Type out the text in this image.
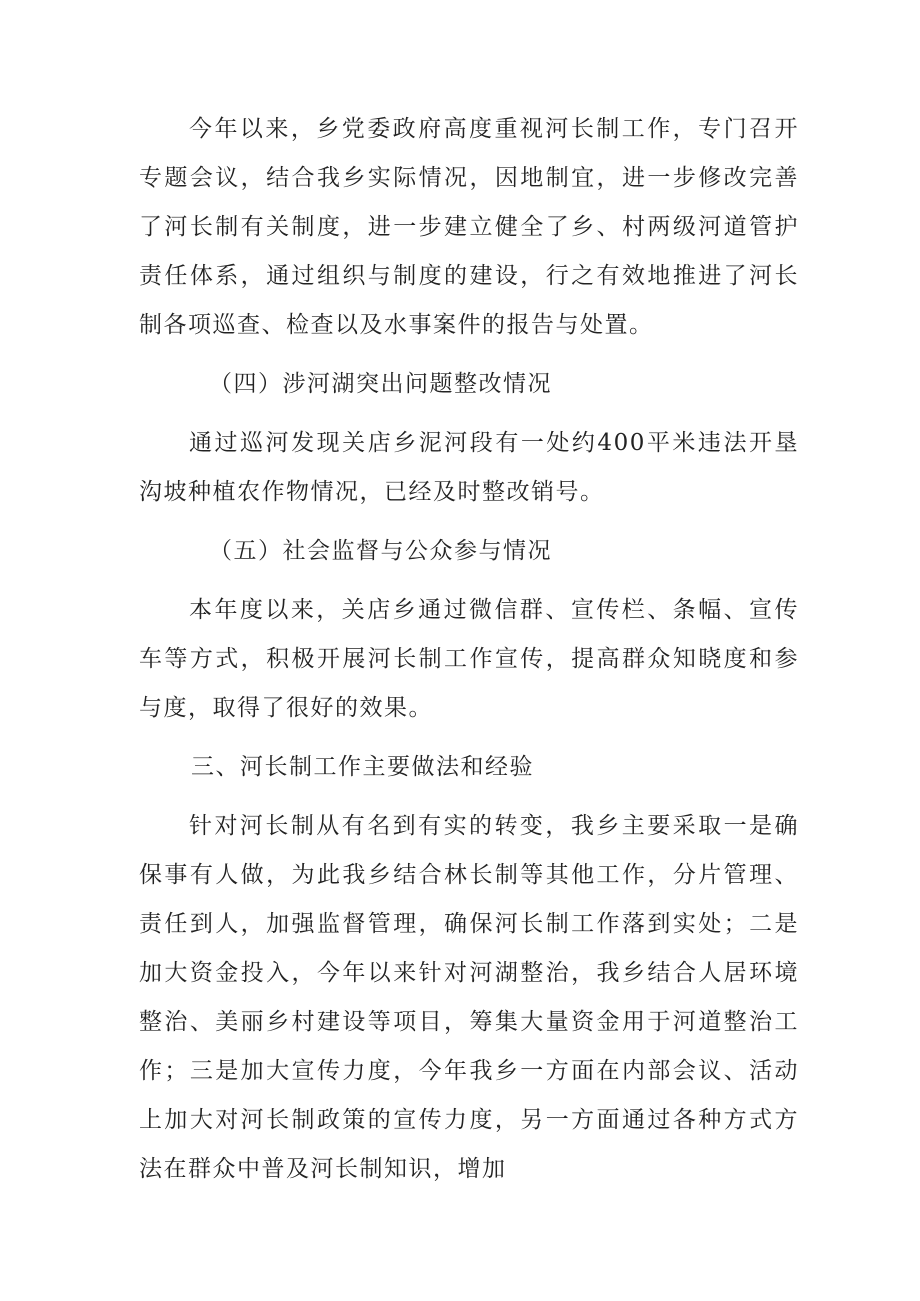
今年以来，乡党委政府高度重视河长制工作，专门召开专题会议，结合我乡实际情况，因地制宜，进一步修改完善了河长制有关制度，进一步建立健全了乡、村两级河道管护责任体系，通过组织与制度的建设，行之有效地推进了河长制各项巡查、检查以及水事案件的报告与处置。

（四）涉河湖突出问题整改情况

通过巡河发现关店乡泥河段有一处约400平米违法开垦沟坡种植农作物情况，已经及时整改销号。

（五）社会监督与公众参与情况

本年度以来，关店乡通过微信群、宣传栏、条幅、宣传车等方式，积极开展河长制工作宣传，提高群众知晓度和参与度，取得了很好的效果。

三、河长制工作主要做法和经验

针对河长制从有名到有实的转变，我乡主要采取一是确保事有人做，为此我乡结合林长制等其他工作，分片管理、责任到人，加强监督管理，确保河长制工作落到实处；二是加大资金投入，今年以来针对河湖整治，我乡结合人居环境整治、美丽乡村建设等项目，筹集大量资金用于河道整治工作；三是加大宣传力度，今年我乡一方面在内部会议、活动上加大对河长制政策的宣传力度，另一方面通过各种方式方法在群众中普及河长制知识，增加
